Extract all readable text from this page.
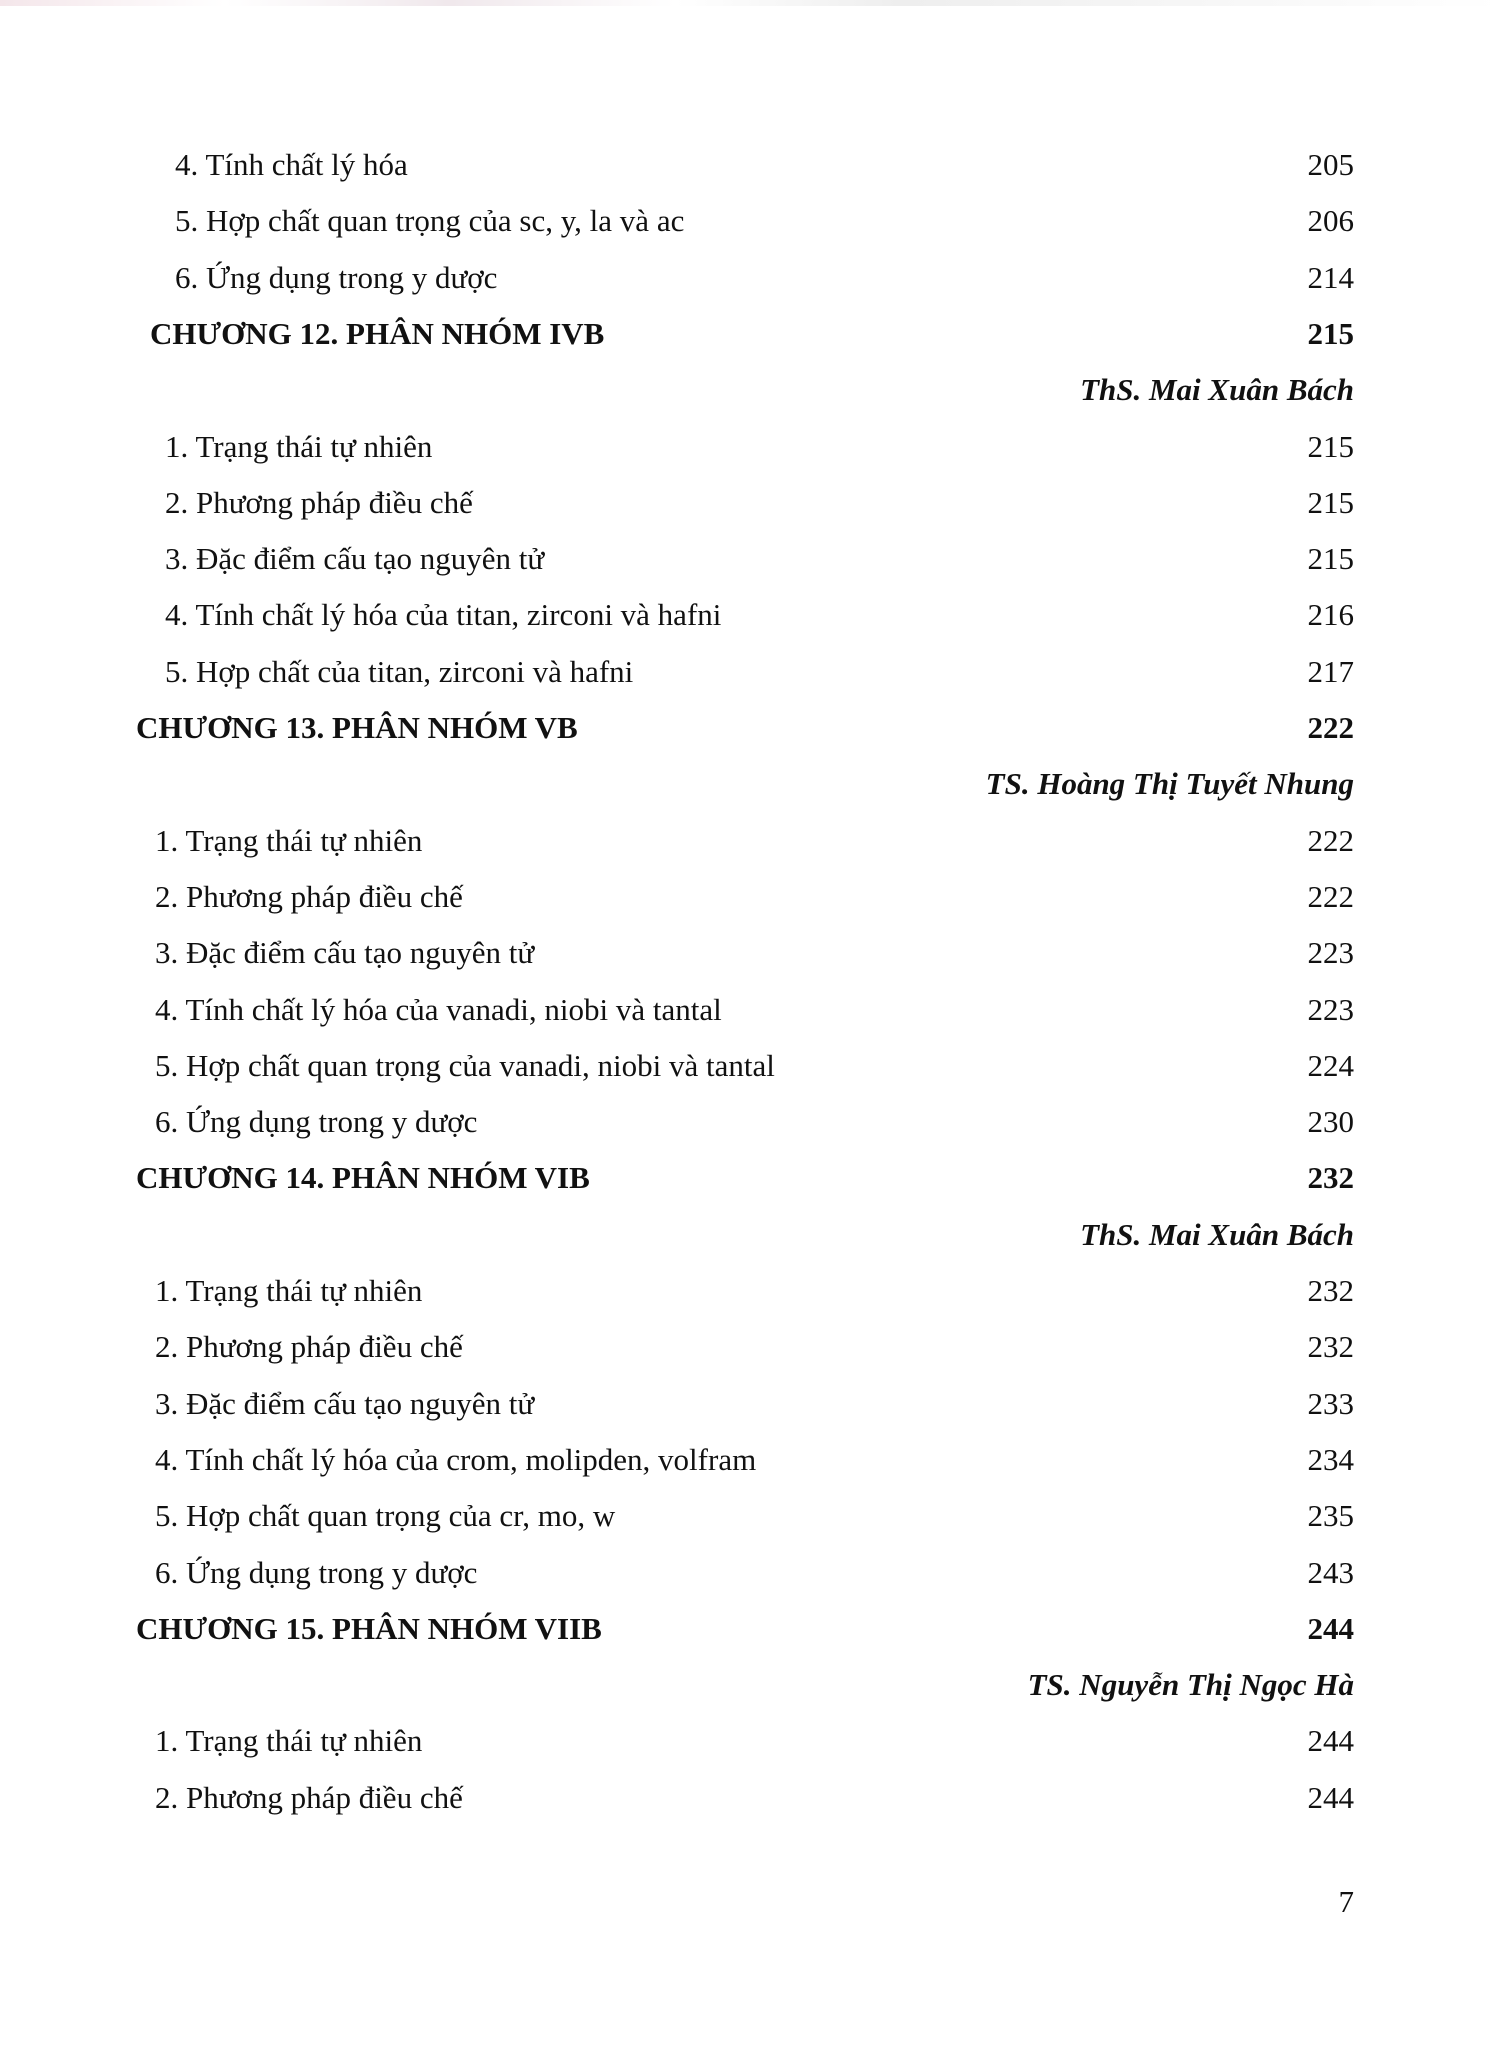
4. Tính chất lý hóa	205
5. Hợp chất quan trọng của sc, y, la và ac	206
6. Ứng dụng trong y dược	214
CHƯƠNG 12. PHÂN NHÓM IVB	215
ThS. Mai Xuân Bách
1. Trạng thái tự nhiên	215
2. Phương pháp điều chế	215
3. Đặc điểm cấu tạo nguyên tử	215
4. Tính chất lý hóa của titan, zirconi và hafni	216
5. Hợp chất của titan, zirconi và hafni	217
CHƯƠNG 13. PHÂN NHÓM VB	222
TS. Hoàng Thị Tuyết Nhung
1. Trạng thái tự nhiên	222
2. Phương pháp điều chế	222
3. Đặc điểm cấu tạo nguyên tử	223
4. Tính chất lý hóa của vanadi, niobi và tantal	223
5. Hợp chất quan trọng của vanadi, niobi và tantal	224
6. Ứng dụng trong y dược	230
CHƯƠNG 14. PHÂN NHÓM VIB	232
ThS. Mai Xuân Bách
1. Trạng thái tự nhiên	232
2. Phương pháp điều chế	232
3. Đặc điểm cấu tạo nguyên tử	233
4. Tính chất lý hóa của crom, molipden, volfram	234
5. Hợp chất quan trọng của cr, mo, w	235
6. Ứng dụng trong y dược	243
CHƯƠNG 15. PHÂN NHÓM VIIB	244
TS. Nguyễn Thị Ngọc Hà
1. Trạng thái tự nhiên	244
2. Phương pháp điều chế	244
7
